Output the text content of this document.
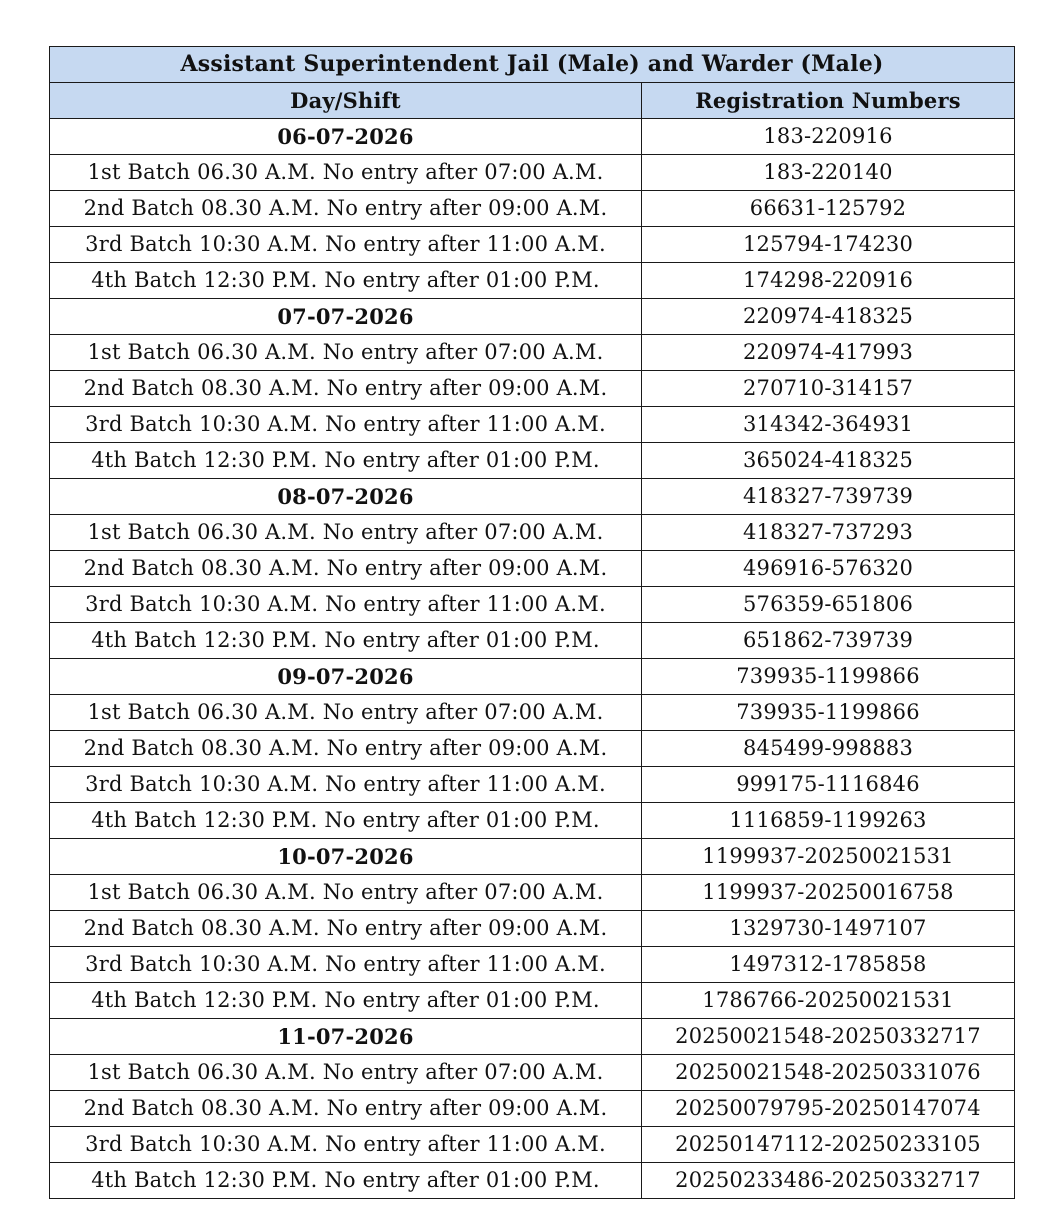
Assistant Superintendent Jail (Male) and Warder (Male)	
Day/Shift	Registration Numbers
06-07-2026	183-220916
1st Batch 06.30 A.M. No entry after 07:00 A.M.	183-220140
2nd Batch 08.30 A.M. No entry after 09:00 A.M.	66631-125792
3rd Batch 10:30 A.M. No entry after 11:00 A.M.	125794-174230
4th Batch 12:30 P.M. No entry after 01:00 P.M.	174298-220916
07-07-2026	220974-418325
1st Batch 06.30 A.M. No entry after 07:00 A.M.	220974-417993
2nd Batch 08.30 A.M. No entry after 09:00 A.M.	270710-314157
3rd Batch 10:30 A.M. No entry after 11:00 A.M.	314342-364931
4th Batch 12:30 P.M. No entry after 01:00 P.M.	365024-418325
08-07-2026	418327-739739
1st Batch 06.30 A.M. No entry after 07:00 A.M.	418327-737293
2nd Batch 08.30 A.M. No entry after 09:00 A.M.	496916-576320
3rd Batch 10:30 A.M. No entry after 11:00 A.M.	576359-651806
4th Batch 12:30 P.M. No entry after 01:00 P.M.	651862-739739
09-07-2026	739935-1199866
1st Batch 06.30 A.M. No entry after 07:00 A.M.	739935-1199866
2nd Batch 08.30 A.M. No entry after 09:00 A.M.	845499-998883
3rd Batch 10:30 A.M. No entry after 11:00 A.M.	999175-1116846
4th Batch 12:30 P.M. No entry after 01:00 P.M.	1116859-1199263
10-07-2026	1199937-20250021531
1st Batch 06.30 A.M. No entry after 07:00 A.M.	1199937-20250016758
2nd Batch 08.30 A.M. No entry after 09:00 A.M.	1329730-1497107
3rd Batch 10:30 A.M. No entry after 11:00 A.M.	1497312-1785858
4th Batch 12:30 P.M. No entry after 01:00 P.M.	1786766-20250021531
11-07-2026	20250021548-20250332717
1st Batch 06.30 A.M. No entry after 07:00 A.M.	20250021548-20250331076
2nd Batch 08.30 A.M. No entry after 09:00 A.M.	20250079795-20250147074
3rd Batch 10:30 A.M. No entry after 11:00 A.M.	20250147112-20250233105
4th Batch 12:30 P.M. No entry after 01:00 P.M.	20250233486-20250332717
